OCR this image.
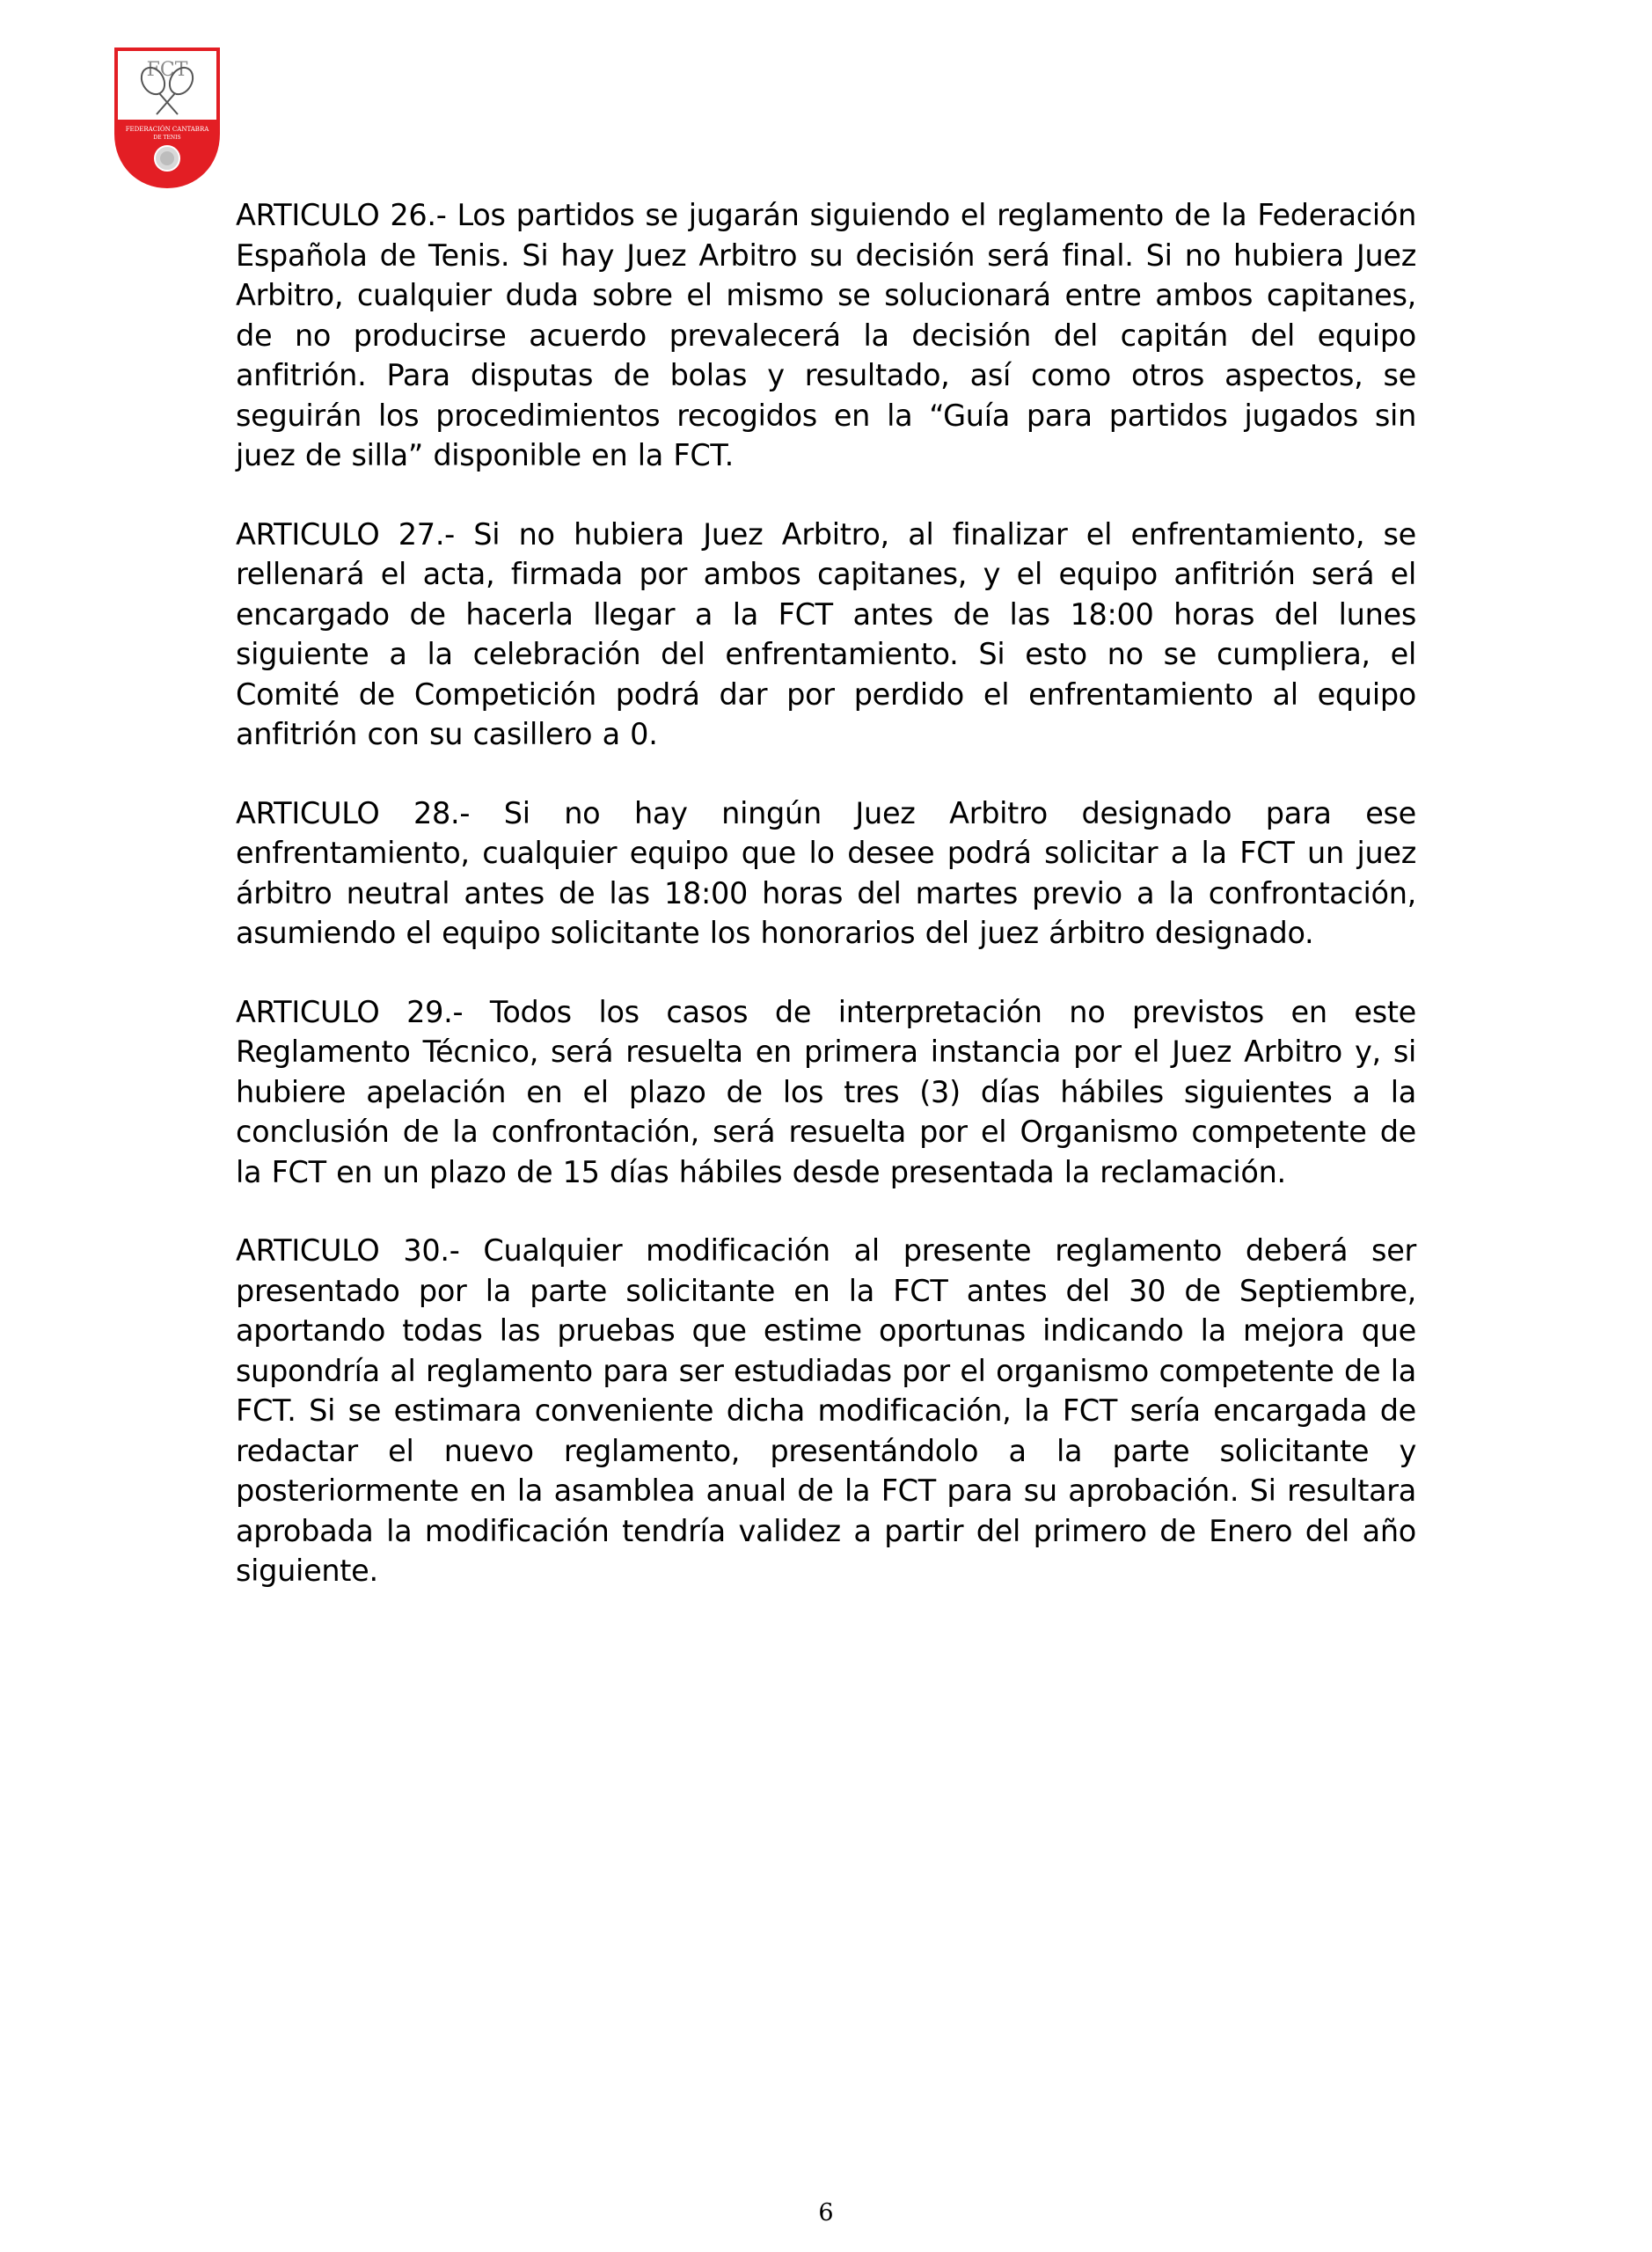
FCT
FEDERACIÓN CANTABRA
DE TENIS

ARTICULO 26.- Los partidos se jugarán siguiendo el reglamento de la Federación Española de Tenis. Si hay Juez Arbitro su decisión será final. Si no hubiera Juez Arbitro, cualquier duda sobre el mismo se solucionará entre ambos capitanes, de no producirse acuerdo prevalecerá la decisión del capitán del equipo anfitrión. Para disputas de bolas y resultado, así como otros aspectos, se seguirán los procedimientos recogidos en la “Guía para partidos jugados sin juez de silla” disponible en la FCT.

ARTICULO 27.- Si no hubiera Juez Arbitro, al finalizar el enfrentamiento, se rellenará el acta, firmada por ambos capitanes, y el equipo anfitrión será el encargado de hacerla llegar a la FCT antes de las 18:00 horas del lunes siguiente a la celebración del enfrentamiento. Si esto no se cumpliera, el Comité de Competición podrá dar por perdido el enfrentamiento al equipo anfitrión con su casillero a 0.

ARTICULO 28.- Si no hay ningún Juez Arbitro designado para ese enfrentamiento, cualquier equipo que lo desee podrá solicitar a la FCT un juez árbitro neutral antes de las 18:00 horas del martes previo a la confrontación, asumiendo el equipo solicitante los honorarios del juez árbitro designado.

ARTICULO 29.- Todos los casos de interpretación no previstos en este Reglamento Técnico, será resuelta en primera instancia por el Juez Arbitro y, si hubiere apelación en el plazo de los tres (3) días hábiles siguientes a la conclusión de la confrontación, será resuelta por el Organismo competente de la FCT en un plazo de 15 días hábiles desde presentada la reclamación.

ARTICULO 30.- Cualquier modificación al presente reglamento deberá ser presentado por la parte solicitante en la FCT antes del 30 de Septiembre, aportando todas las pruebas que estime oportunas indicando la mejora que supondría al reglamento para ser estudiadas por el organismo competente de la FCT. Si se estimara conveniente dicha modificación, la FCT sería encargada de redactar el nuevo reglamento, presentándolo a la parte solicitante y posteriormente en la asamblea anual de la FCT para su aprobación. Si resultara aprobada la modificación tendría validez a partir del primero de Enero del año siguiente.

6
